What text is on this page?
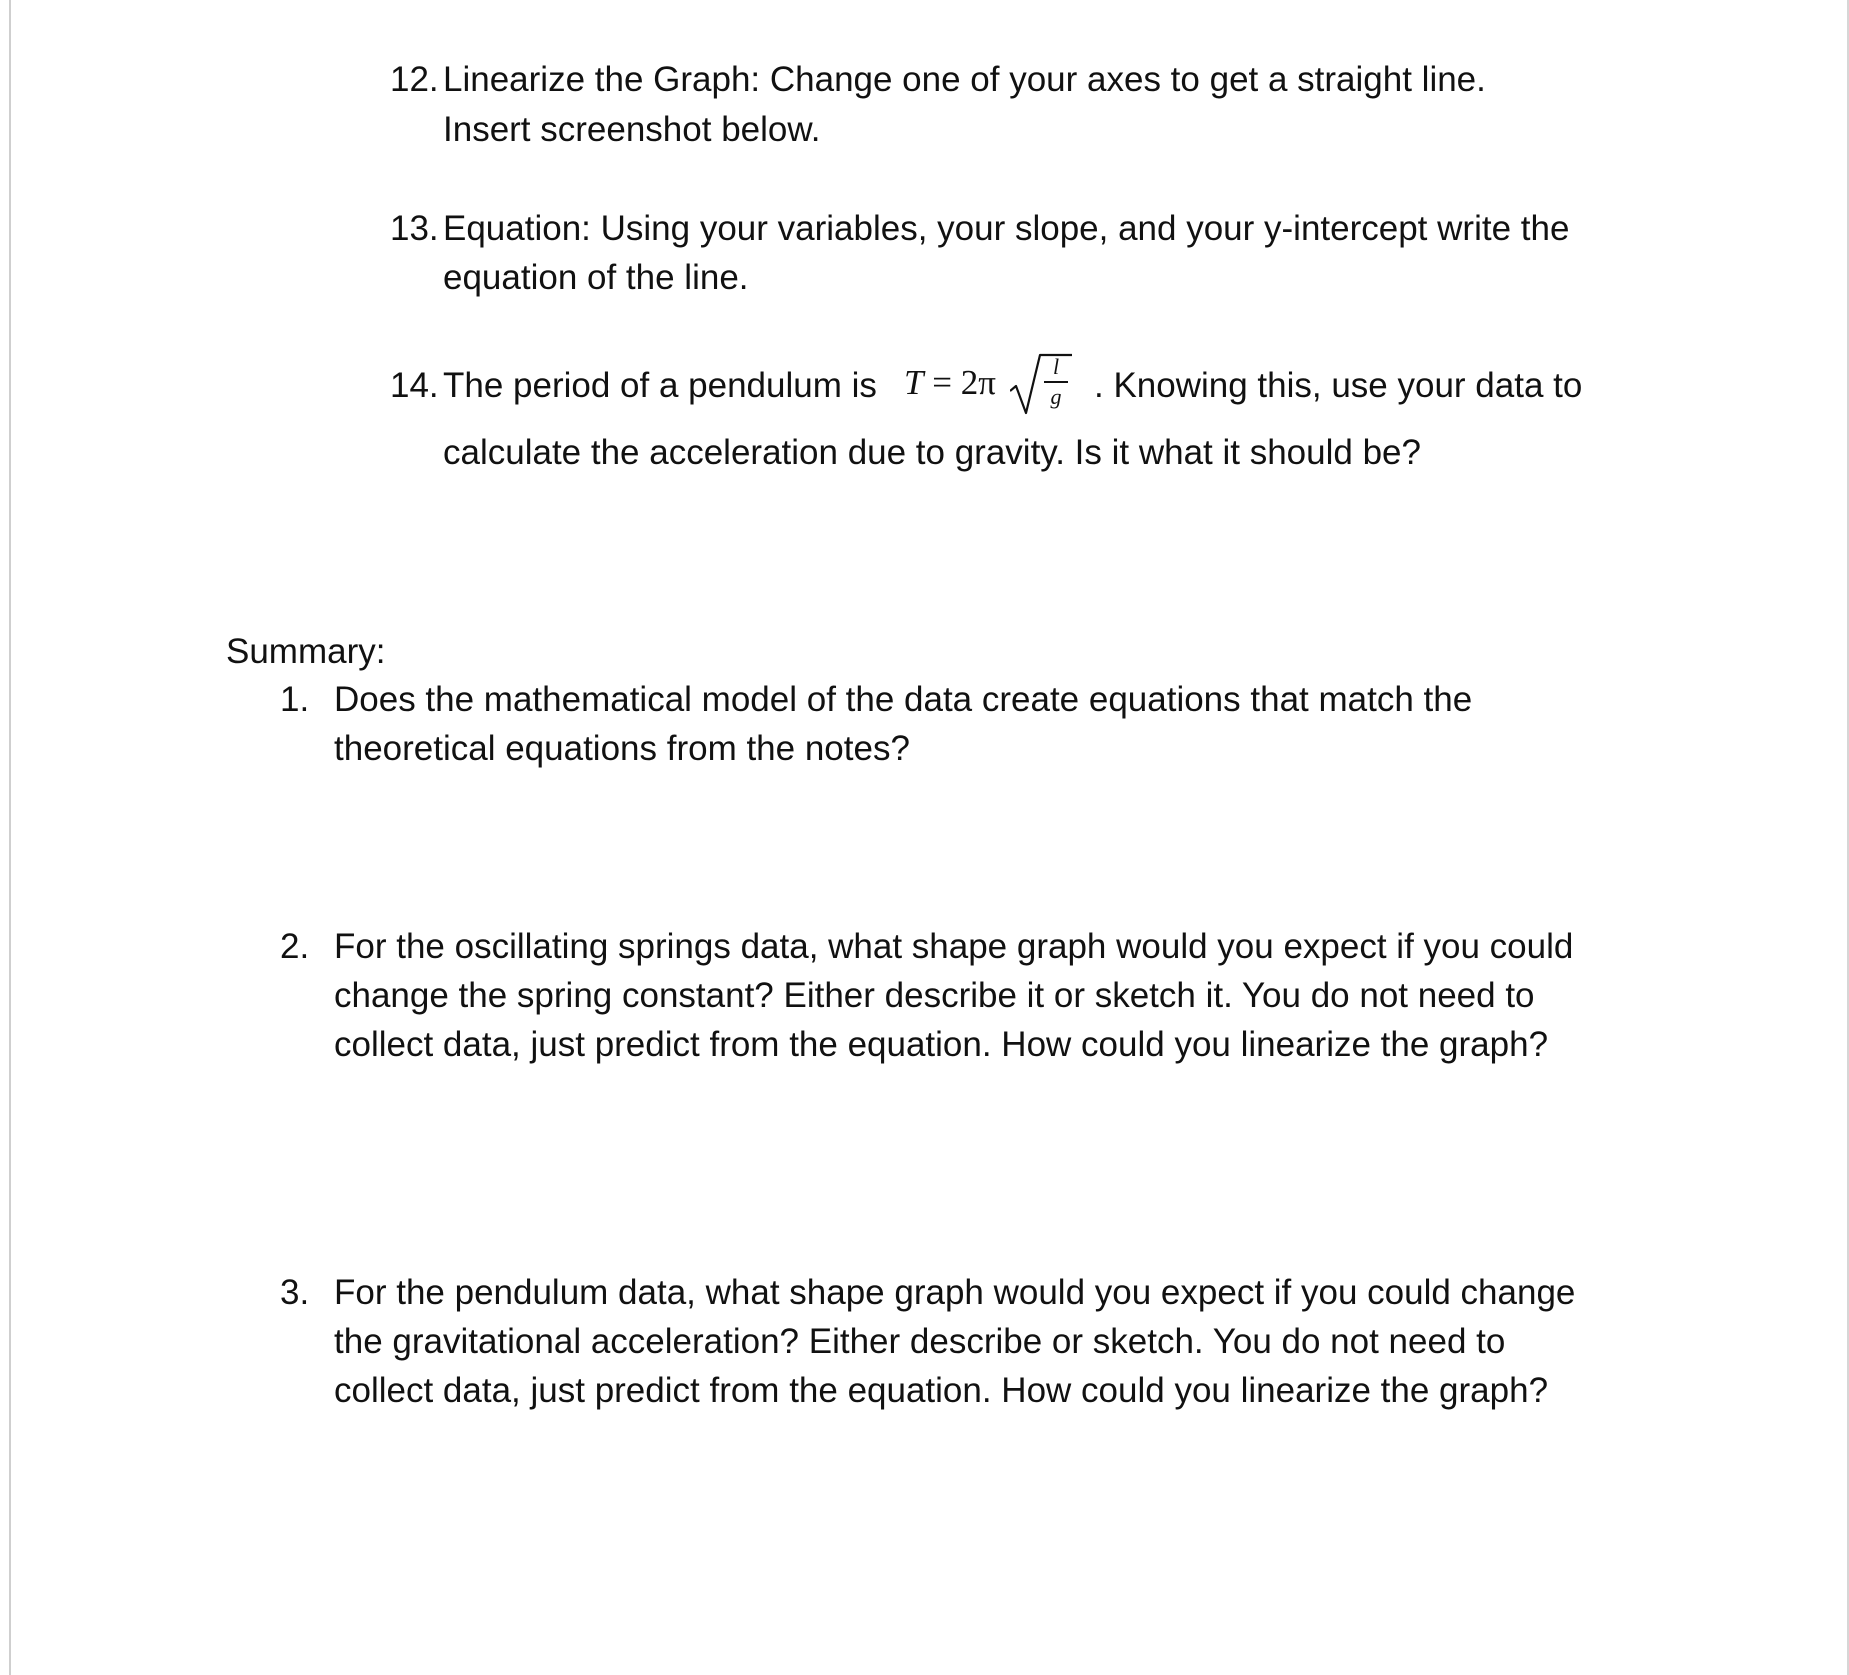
12. Linearize the Graph: Change one of your axes to get a straight line.
Insert screenshot below.
13. Equation: Using your variables, your slope, and your y-intercept write the
equation of the line.
14. The period of a pendulum is T = 2π	l
g . Knowing this, use your data to
calculate the acceleration due to gravity. Is it what it should be?
Summary:
1. Does the mathematical model of the data create equations that match the
theoretical equations from the notes?
2. For the oscillating springs data, what shape graph would you expect if you could
change the spring constant? Either describe it or sketch it. You do not need to
collect data, just predict from the equation. How could you linearize the graph?
3. For the pendulum data, what shape graph would you expect if you could change
the gravitational acceleration? Either describe or sketch. You do not need to
collect data, just predict from the equation. How could you linearize the graph?
